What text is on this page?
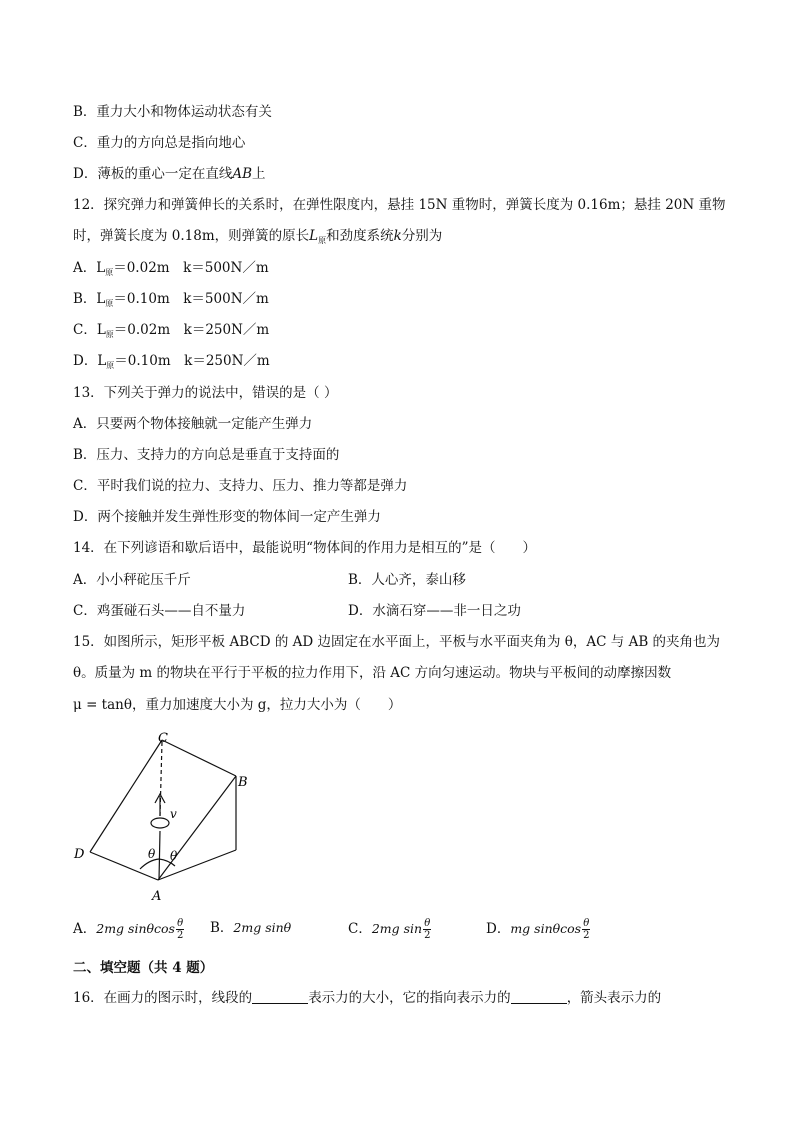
B．重力大小和物体运动状态有关
C．重力的方向总是指向地心
D．薄板的重心一定在直线AB上
12．探究弹力和弹簧伸长的关系时，在弹性限度内，悬挂 15N 重物时，弹簧长度为 0.16m；悬挂 20N 重物
时，弹簧长度为 0.18m，则弹簧的原长$L_原$和劲度系统k分别为
A．$L_原=0.02m$　k＝500N／m
B．$L_原=0.10m$　k＝500N／m
C．$L_原=0.02m$　k＝250N／m
D．$L_原=0.10m$　k＝250N／m
13．下列关于弹力的说法中，错误的是（ ）
A．只要两个物体接触就一定能产生弹力
B．压力、支持力的方向总是垂直于支持面的
C．平时我们说的拉力、支持力、压力、推力等都是弹力
D．两个接触并发生弹性形变的物体间一定产生弹力
14．在下列谚语和歇后语中，最能说明“物体间的作用力是相互的”是（　　）
A．小小秤砣压千斤	B．人心齐，泰山移
C．鸡蛋碰石头——自不量力	D．水滴石穿——非一日之功
15．如图所示，矩形平板 ABCD 的 AD 边固定在水平面上，平板与水平面夹角为 θ，AC 与 AB 的夹角也为
θ。质量为 m 的物块在平行于平板的拉力作用下，沿 AC 方向匀速运动。物块与平板间的动摩擦因数
μ = tanθ，重力加速度大小为 g，拉力大小为（　　）
C
B
D
A
v
θ θ
A．2mg sinθcos $\frac{\theta}{2}$ B．2mg sinθ	C．2mg $\sin \frac{\theta}{2}$	D．mg sinθcos $\frac{\theta}{2}$
二、填空题（共 4 题）
16．在画力的图示时，线段的	表示力的大小，它的指向表示力的	，箭头表示力的
